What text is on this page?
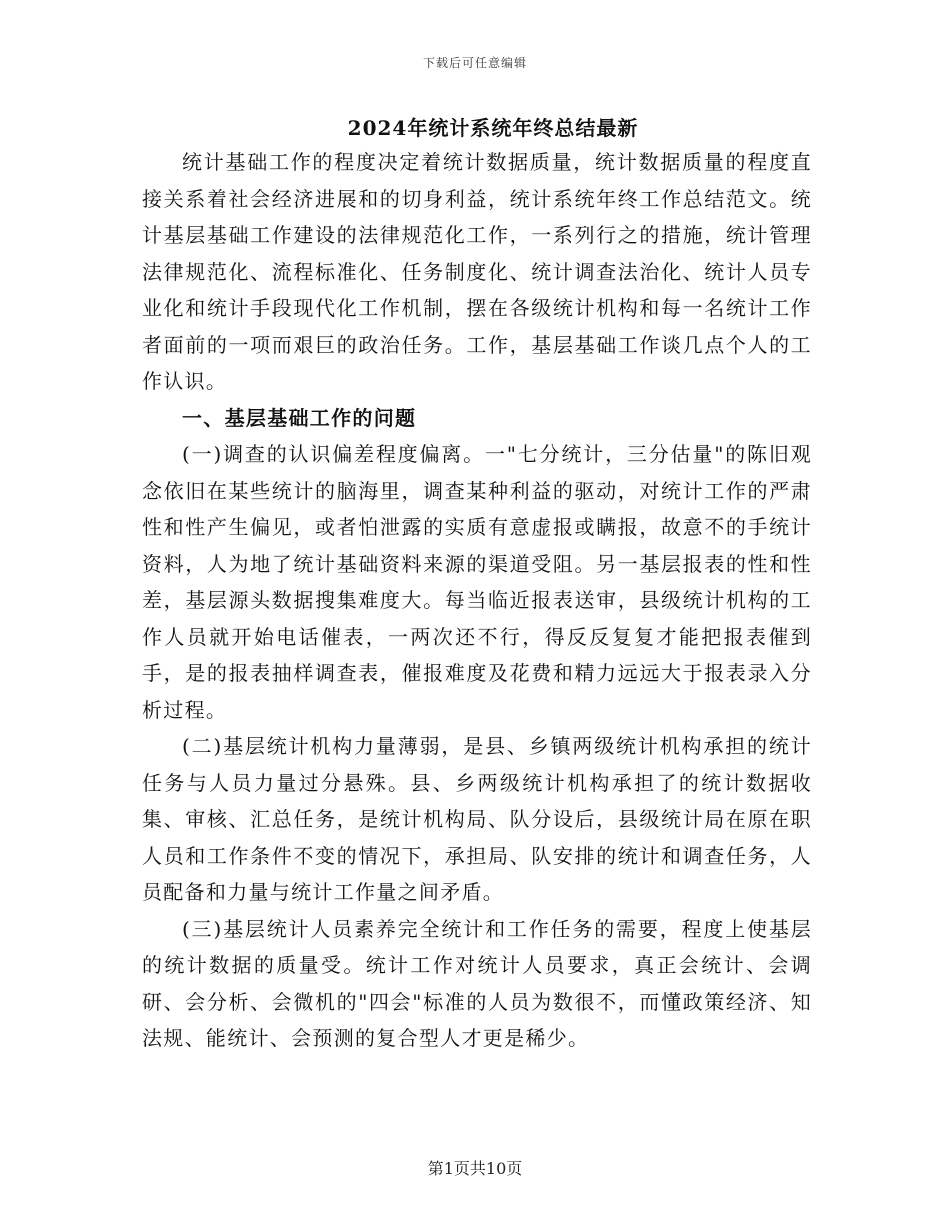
下载后可任意编辑
2024年统计系统年终总结最新

统计基础工作的程度决定着统计数据质量，统计数据质量的程度直接关系着社会经济进展和的切身利益，统计系统年终工作总结范文。统计基层基础工作建设的法律规范化工作，一系列行之的措施，统计管理法律规范化、流程标准化、任务制度化、统计调查法治化、统计人员专业化和统计手段现代化工作机制，摆在各级统计机构和每一名统计工作者面前的一项而艰巨的政治任务。工作，基层基础工作谈几点个人的工作认识。

一、基层基础工作的问题

(一)调查的认识偏差程度偏离。一"七分统计，三分估量"的陈旧观念依旧在某些统计的脑海里，调查某种利益的驱动，对统计工作的严肃性和性产生偏见，或者怕泄露的实质有意虚报或瞒报，故意不的手统计资料，人为地了统计基础资料来源的渠道受阻。另一基层报表的性和性差，基层源头数据搜集难度大。每当临近报表送审，县级统计机构的工作人员就开始电话催表，一两次还不行，得反反复复才能把报表催到手，是的报表抽样调查表，催报难度及花费和精力远远大于报表录入分析过程。

(二)基层统计机构力量薄弱，是县、乡镇两级统计机构承担的统计任务与人员力量过分悬殊。县、乡两级统计机构承担了的统计数据收集、审核、汇总任务，是统计机构局、队分设后，县级统计局在原在职人员和工作条件不变的情况下，承担局、队安排的统计和调查任务，人员配备和力量与统计工作量之间矛盾。

(三)基层统计人员素养完全统计和工作任务的需要，程度上使基层的统计数据的质量受。统计工作对统计人员要求，真正会统计、会调研、会分析、会微机的"四会"标准的人员为数很不，而懂政策经济、知法规、能统计、会预测的复合型人才更是稀少。

第1页共10页
